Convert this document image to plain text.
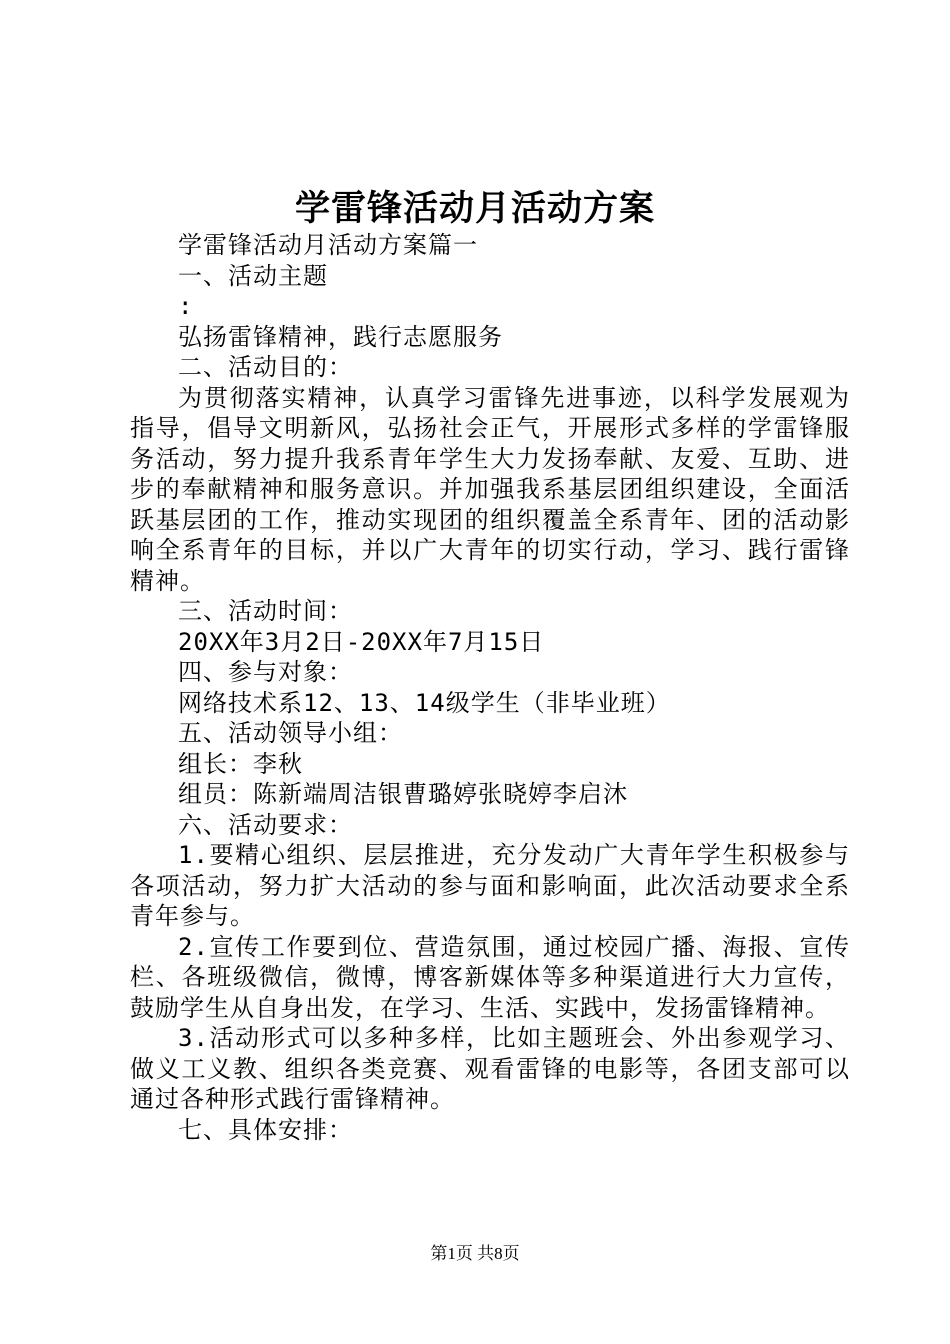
学雷锋活动月活动方案
学雷锋活动月活动方案篇一
一、活动主题
:
弘扬雷锋精神，践行志愿服务
二、活动目的：

为贯彻落实精神，认真学习雷锋先进事迹，以科学发展观为指导，倡导文明新风，弘扬社会正气，开展形式多样的学雷锋服务活动，努力提升我系青年学生大力发扬奉献、友爱、互助、进步的奉献精神和服务意识。并加强我系基层团组织建设，全面活跃基层团的工作，推动实现团的组织覆盖全系青年、团的活动影响全系青年的目标，并以广大青年的切实行动，学习、践行雷锋精神。

三、活动时间：
20XX年3月2日-20XX年7月15日
四、参与对象：
网络技术系12、13、14级学生（非毕业班）
五、活动领导小组：
组长：李秋
组员：陈新端周洁银曹璐婷张晓婷李启沐
六、活动要求：

1.要精心组织、层层推进，充分发动广大青年学生积极参与各项活动，努力扩大活动的参与面和影响面，此次活动要求全系青年参与。

2.宣传工作要到位、营造氛围，通过校园广播、海报、宣传栏、各班级微信，微博，博客新媒体等多种渠道进行大力宣传，鼓励学生从自身出发，在学习、生活、实践中，发扬雷锋精神。

3.活动形式可以多种多样，比如主题班会、外出参观学习、做义工义教、组织各类竞赛、观看雷锋的电影等，各团支部可以通过各种形式践行雷锋精神。

七、具体安排：
第1页 共8页
